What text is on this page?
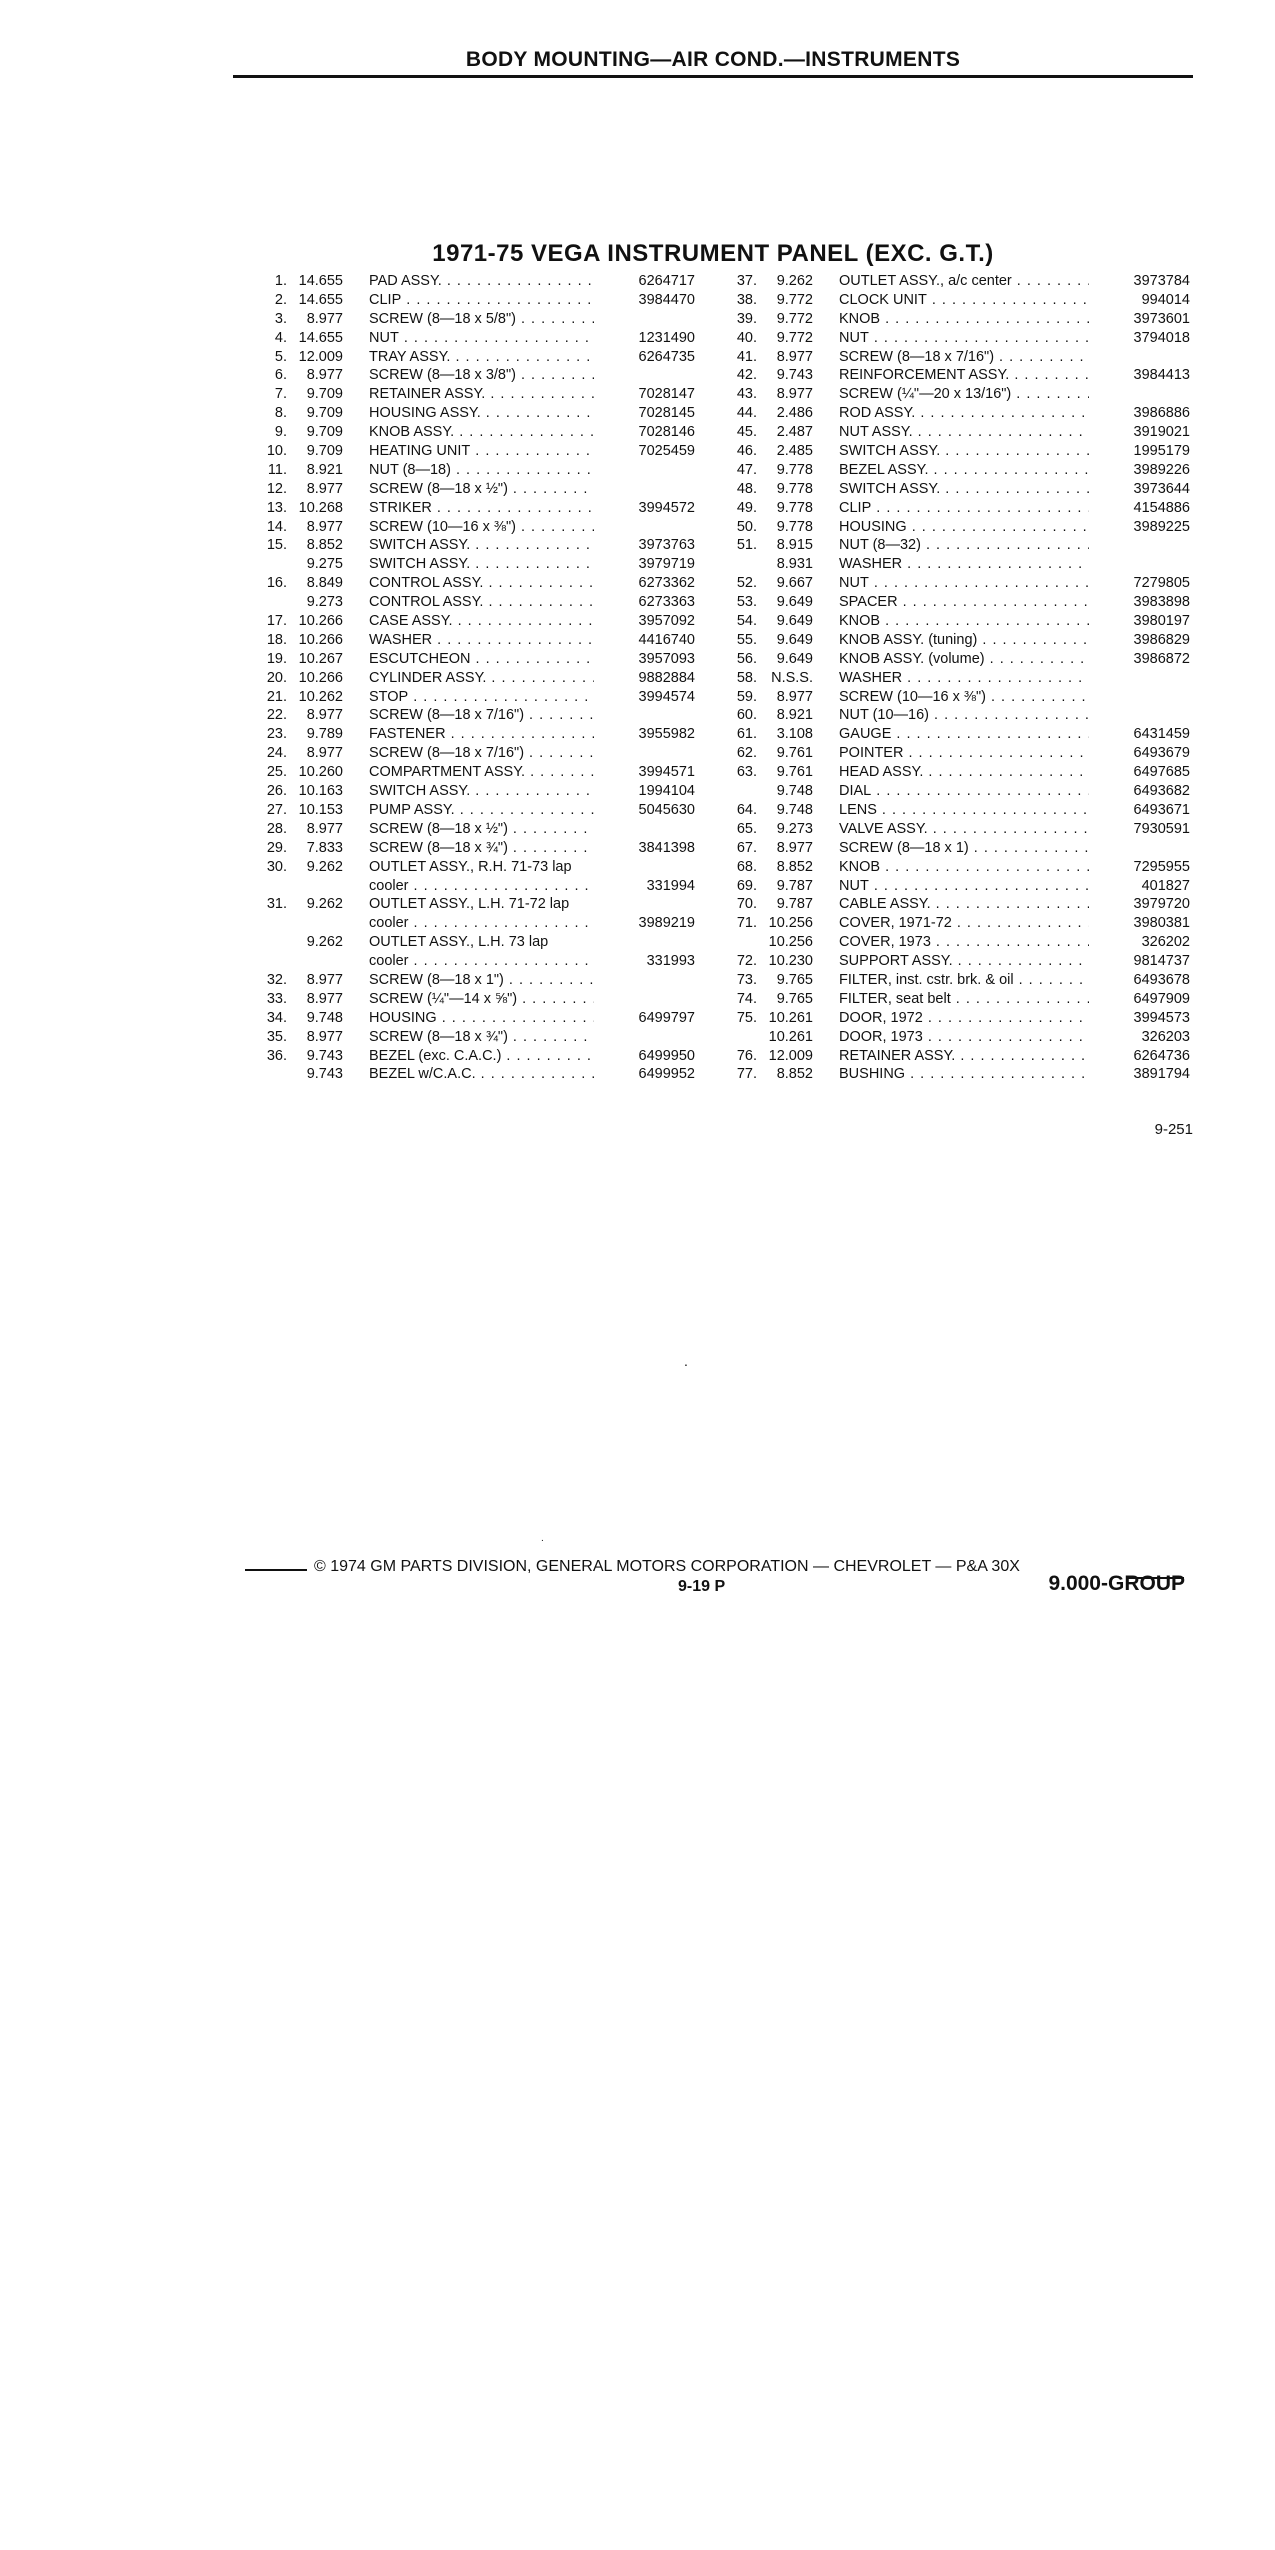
BODY MOUNTING—AIR COND.—INSTRUMENTS
1971-75 VEGA INSTRUMENT PANEL (EXC. G.T.)
1. 14.655 PAD ASSY. . . .	6264717
2. 14.655 CLIP . . .	3984470
3.	8.977 SCREW (8—18 x 5/8") . . .
4. 14.655 NUT . . .	1231490
5. 12.009 TRAY ASSY. . . .	6264735
6.	8.977 SCREW (8—18 x 3/8") . . .
7.	9.709 RETAINER ASSY. . . .	7028147
8.	9.709 HOUSING ASSY. . . .	7028145
9.	9.709 KNOB ASSY. . . .	7028146
10.	9.709 HEATING UNIT . . .	7025459
11.	8.921 NUT (8—18) . . .
12.	8.977 SCREW (8—18 x ½") . . .
13. 10.268 STRIKER . . .	3994572
14.	8.977 SCREW (10—16 x ⅜") . . .
15.	8.852 SWITCH ASSY. . . .	3973763
9.275 SWITCH ASSY. . . .	3979719
16.	8.849 CONTROL ASSY. . . .	6273362
9.273 CONTROL ASSY. . . .	6273363
17. 10.266 CASE ASSY. . . .	3957092
18. 10.266 WASHER . . .	4416740
19. 10.267 ESCUTCHEON . . .	3957093
20. 10.266 CYLINDER ASSY. . . .	9882884
21. 10.262 STOP . . .	3994574
22.	8.977 SCREW (8—18 x 7/16") . . .
23.	9.789 FASTENER . . .	3955982
24.	8.977 SCREW (8—18 x 7/16") . . .
25. 10.260 COMPARTMENT ASSY. . . .	3994571
26. 10.163 SWITCH ASSY. . . .	1994104
27. 10.153 PUMP ASSY. . . .	5045630
28.	8.977 SCREW (8—18 x ½") . . .
29.	7.833 SCREW (8—18 x ¾") . . .	3841398
30.	9.262 OUTLET ASSY., R.H. 71-73 lap
cooler . . .	331994
31.	9.262 OUTLET ASSY., L.H. 71-72 lap
cooler . . .	3989219
9.262 OUTLET ASSY., L.H. 73 lap
cooler . . .	331993
32.	8.977 SCREW (8—18 x 1") . . .
33.	8.977 SCREW (¼"—14 x ⅝") . . .
34.	9.748 HOUSING . . .	6499797
35.	8.977 SCREW (8—18 x ¾") . . .
36.	9.743 BEZEL (exc. C.A.C.) . . .	6499950
9.743 BEZEL w/C.A.C. . . .	6499952
37.	9.262 OUTLET ASSY., a/c center . . .	3973784
38.	9.772 CLOCK UNIT . . .	994014
39.	9.772 KNOB . . .	3973601
40.	9.772 NUT . . .	3794018
41.	8.977 SCREW (8—18 x 7/16") . . .
42.	9.743 REINFORCEMENT ASSY. . . .	3984413
43.	8.977 SCREW (¼"—20 x 13/16") . . .
44.	2.486 ROD ASSY. . . .	3986886
45.	2.487 NUT ASSY. . . .	3919021
46.	2.485 SWITCH ASSY. . . .	1995179
47.	9.778 BEZEL ASSY. . . .	3989226
48.	9.778 SWITCH ASSY. . . .	3973644
49.	9.778 CLIP . . .	4154886
50.	9.778 HOUSING . . .	3989225
51.	8.915 NUT (8—32) . . .
8.931 WASHER . . .
52.	9.667 NUT . . .	7279805
53.	9.649 SPACER . . .	3983898
54.	9.649 KNOB . . .	3980197
55.	9.649 KNOB ASSY. (tuning) . . .	3986829
56.	9.649 KNOB ASSY. (volume) . . .	3986872
58. N.S.S. WASHER . . .
59.	8.977 SCREW (10—16 x ⅜") . . .
60.	8.921 NUT (10—16) . . .
61.	3.108 GAUGE . . .	6431459
62.	9.761 POINTER . . .	6493679
63.	9.761 HEAD ASSY. . . .	6497685
9.748 DIAL . . .	6493682
64.	9.748 LENS . . .	6493671
65.	9.273 VALVE ASSY. . . .	7930591
67.	8.977 SCREW (8—18 x 1) . . .
68.	8.852 KNOB . . .	7295955
69.	9.787 NUT . . .	401827
70.	9.787 CABLE ASSY. . . .	3979720
71. 10.256 COVER, 1971-72 . . .	3980381
10.256 COVER, 1973 . . .	326202
72. 10.230 SUPPORT ASSY. . . .	9814737
73.	9.765 FILTER, inst. cstr. brk. & oil . . .	6493678
74.	9.765 FILTER, seat belt . . .	6497909
75. 10.261 DOOR, 1972 . . .	3994573
10.261 DOOR, 1973 . . .	326203
76. 12.009 RETAINER ASSY. . . .	6264736
77.	8.852 BUSHING . . .	3891794
9-251
.
.
© 1974 GM PARTS DIVISION, GENERAL MOTORS CORPORATION — CHEVROLET — P&A 30X
9-19 P	9.000-GROUP
